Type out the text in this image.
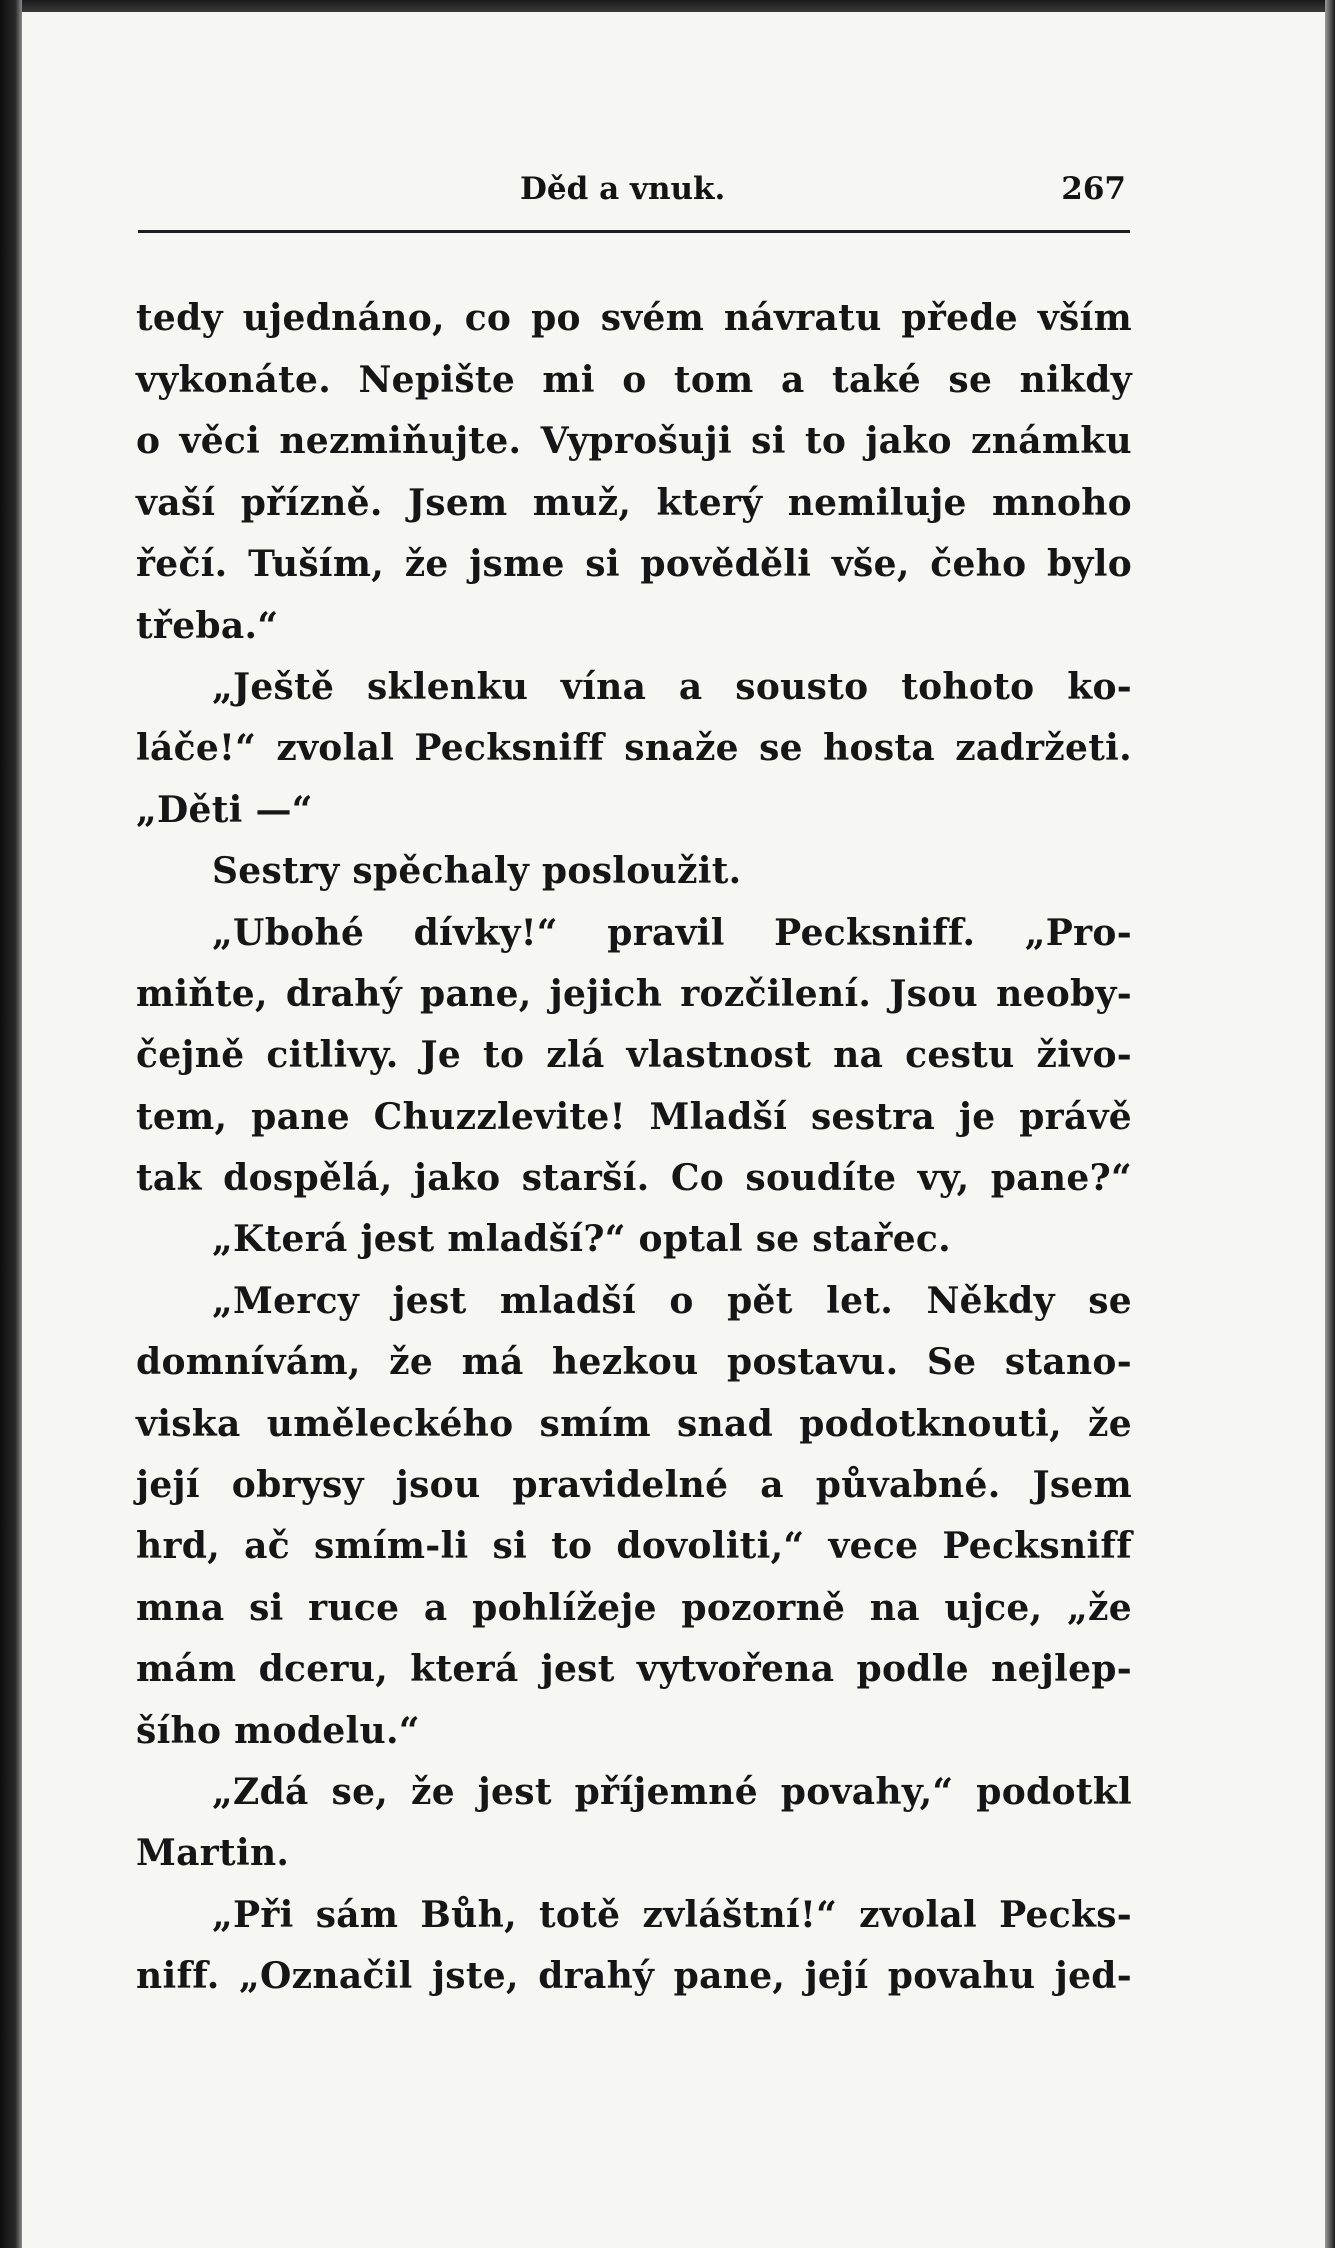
Děd a vnuk.	267
tedy ujednáno, co po svém návratu přede vším
vykonáte. Nepište mi o tom a také se nikdy
o věci nezmiňujte. Vyprošuji si to jako známku
vaší přízně. Jsem muž, který nemiluje mnoho
řečí. Tuším, že jsme si pověděli vše, čeho bylo
třeba.“
„Ještě sklenku vína a sousto tohoto ko-
láče!“ zvolal Pecksniff snaže se hosta zadržeti.
„Děti —“
Sestry spěchaly posloužit.
„Ubohé dívky!“ pravil Pecksniff. „Pro-
miňte, drahý pane, jejich rozčilení. Jsou neoby-
čejně citlivy. Je to zlá vlastnost na cestu živo-
tem, pane Chuzzlevite! Mladší sestra je právě
tak dospělá, jako starší. Co soudíte vy, pane?“
„Která jest mladší?“ optal se stařec.
„Mercy jest mladší o pět let. Někdy se
domnívám, že má hezkou postavu. Se stano-
viska uměleckého smím snad podotknouti, že
její obrysy jsou pravidelné a půvabné. Jsem
hrd, ač smím-li si to dovoliti,“ vece Pecksniff
mna si ruce a pohlížeje pozorně na ujce, „že
mám dceru, která jest vytvořena podle nejlep-
šího modelu.“
„Zdá se, že jest příjemné povahy,“ podotkl
Martin.
„Při sám Bůh, totě zvláštní!“ zvolal Pecks-
niff. „Označil jste, drahý pane, její povahu jed-
